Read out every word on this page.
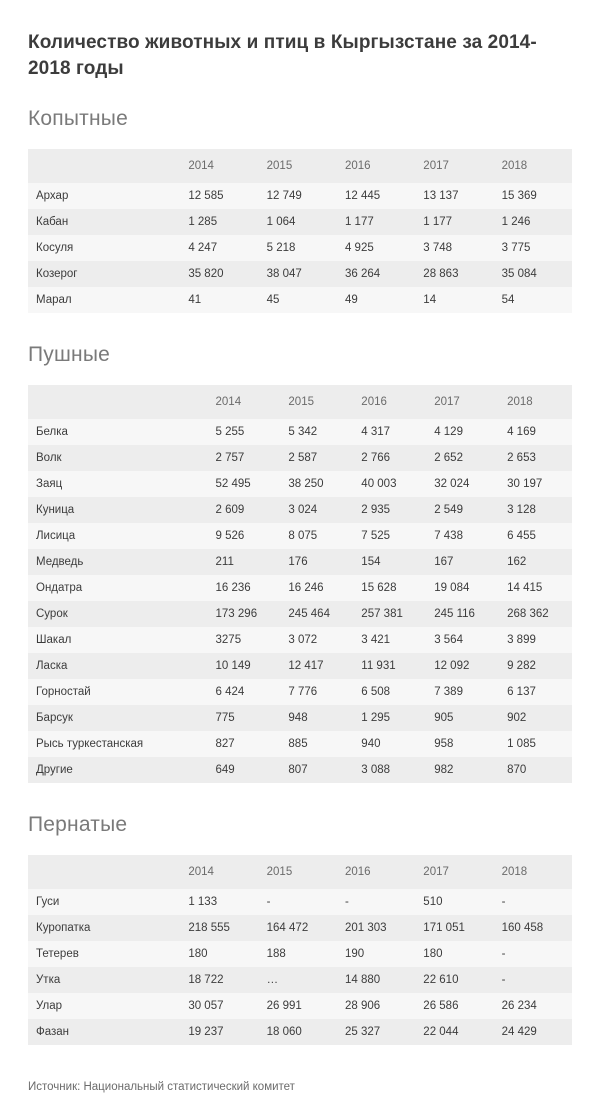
Количество животных и птиц в Кыргызстане за 2014-2018 годы
Копытные
	2014	2015	2016	2017	2018
Архар	12 585	12 749	12 445	13 137	15 369
Кабан	1 285	1 064	1 177	1 177	1 246
Косуля	4 247	5 218	4 925	3 748	3 775
Козерог	35 820	38 047	36 264	28 863	35 084
Марал	41	45	49	14	54
Пушные
	2014	2015	2016	2017	2018
Белка	5 255	5 342	4 317	4 129	4 169
Волк	2 757	2 587	2 766	2 652	2 653
Заяц	52 495	38 250	40 003	32 024	30 197
Куница	2 609	3 024	2 935	2 549	3 128
Лисица	9 526	8 075	7 525	7 438	6 455
Медведь	211	176	154	167	162
Ондатра	16 236	16 246	15 628	19 084	14 415
Сурок	173 296	245 464	257 381	245 116	268 362
Шакал	3275	3 072	3 421	3 564	3 899
Ласка	10 149	12 417	11 931	12 092	9 282
Горностай	6 424	7 776	6 508	7 389	6 137
Барсук	775	948	1 295	905	902
Рысь туркестанская	827	885	940	958	1 085
Другие	649	807	3 088	982	870
Пернатые
	2014	2015	2016	2017	2018
Гуси	1 133	-	-	510	-
Куропатка	218 555	164 472	201 303	171 051	160 458
Тетерев	180	188	190	180	-
Утка	18 722	…	14 880	22 610	-
Улар	30 057	26 991	28 906	26 586	26 234
Фазан	19 237	18 060	25 327	22 044	24 429
Источник: Национальный статистический комитет
